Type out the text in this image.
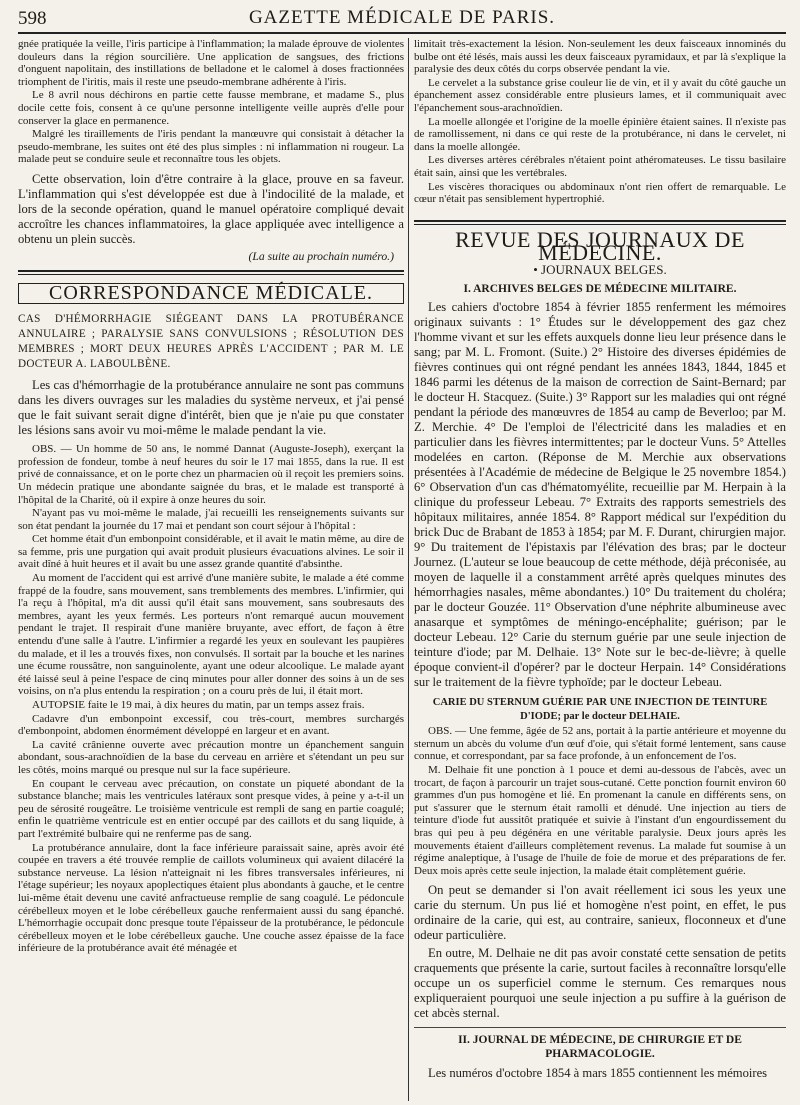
598	GAZETTE MÉDICALE DE PARIS.

gnée pratiquée la veille, l'iris participe à l'inflammation; la malade éprouve de violentes douleurs dans la région sourcilière. Une application de sangsues, des frictions d'onguent napolitain, des instillations de belladone et le calomel à doses fractionnées triomphent de l'iritis, mais il reste une pseudo-membrane adhérente à l'iris.

Le 8 avril nous déchirons en partie cette fausse membrane, et madame S., plus docile cette fois, consent à ce qu'une personne intelligente veille auprès d'elle pour conserver la glace en permanence.

Malgré les tiraillements de l'iris pendant la manœuvre qui consistait à détacher la pseudo-membrane, les suites ont été des plus simples : ni inflammation ni rougeur. La malade peut se conduire seule et reconnaître tous les objets.

Cette observation, loin d'être contraire à la glace, prouve en sa faveur. L'inflammation qui s'est développée est due à l'indocilité de la malade, et lors de la seconde opération, quand le manuel opératoire compliqué devait accroître les chances inflammatoires, la glace appliquée avec intelligence a obtenu un plein succès.

(La suite au prochain numéro.)
CORRESPONDANCE MÉDICALE.

CAS D'HÉMORRHAGIE SIÉGEANT DANS LA PROTUBÉRANCE ANNULAIRE ; PARALYSIE SANS CONVULSIONS ; RÉSOLUTION DES MEMBRES ; MORT DEUX HEURES APRÈS L'ACCIDENT ; PAR M. LE DOCTEUR A. LABOULBÈNE.

Les cas d'hémorrhagie de la protubérance annulaire ne sont pas communs dans les divers ouvrages sur les maladies du système nerveux, et j'ai pensé que le fait suivant serait digne d'intérêt, bien que je n'aie pu que constater les lésions sans avoir vu moi-même le malade pendant la vie.

OBS. — Un homme de 50 ans, le nommé Dannat (Auguste-Joseph), exerçant la profession de fondeur, tombe à neuf heures du soir le 17 mai 1855, dans la rue. Il est privé de connaissance, et on le porte chez un pharmacien où il reçoit les premiers soins. Un médecin pratique une abondante saignée du bras, et le malade est transporté à l'hôpital de la Charité, où il expire à onze heures du soir.

N'ayant pas vu moi-même le malade, j'ai recueilli les renseignements suivants sur son état pendant la journée du 17 mai et pendant son court séjour à l'hôpital :

Cet homme était d'un embonpoint considérable, et il avait le matin même, au dire de sa femme, pris une purgation qui avait produit plusieurs évacuations alvines. Le soir il avait dîné à huit heures et il avait bu une assez grande quantité d'absinthe.

Au moment de l'accident qui est arrivé d'une manière subite, le malade a été comme frappé de la foudre, sans mouvement, sans tremblements des membres. L'infirmier, qui l'a reçu à l'hôpital, m'a dit aussi qu'il était sans mouvement, sans soubresauts des membres, ayant les yeux fermés. Les porteurs n'ont remarqué aucun mouvement pendant le trajet. Il respirait d'une manière bruyante, avec effort, de façon à être entendu d'une salle à l'autre. L'infirmier a regardé les yeux en soulevant les paupières du malade, et il les a trouvés fixes, non convulsés. Il sortait par la bouche et les narines une écume roussâtre, non sanguinolente, ayant une odeur alcoolique. Le malade ayant été laissé seul à peine l'espace de cinq minutes pour aller donner des soins à un de ses voisins, on n'a plus entendu la respiration ; on a couru près de lui, il était mort.

AUTOPSIE faite le 19 mai, à dix heures du matin, par un temps assez frais.

Cadavre d'un embonpoint excessif, cou très-court, membres surchargés d'embonpoint, abdomen énormément développé en largeur et en avant.

La cavité crânienne ouverte avec précaution montre un épanchement sanguin abondant, sous-arachnoïdien de la base du cerveau en arrière et s'étendant un peu sur les côtés, moins marqué ou presque nul sur la face supérieure.

En coupant le cerveau avec précaution, on constate un piqueté abondant de la substance blanche; mais les ventricules latéraux sont presque vides, à peine y a-t-il un peu de sérosité rougeâtre. Le troisième ventricule est rempli de sang en partie coagulé; enfin le quatrième ventricule est en entier occupé par des caillots et du sang liquide, à part l'extrémité bulbaire qui ne renferme pas de sang.

La protubérance annulaire, dont la face inférieure paraissait saine, après avoir été coupée en travers a été trouvée remplie de caillots volumineux qui avaient dilacéré la substance nerveuse. La lésion n'atteignait ni les fibres transversales inférieures, ni l'étage supérieur; les noyaux apoplectiques étaient plus abondants à gauche, et le centre lui-même était devenu une cavité anfractueuse remplie de sang coagulé. Le pédoncule cérébelleux moyen et le lobe cérébelleux gauche renfermaient aussi du sang épanché. L'hémorrhagie occupait donc presque toute l'épaisseur de la protubérance, le pédoncule cérébelleux moyen et le lobe cérébelleux gauche. Une couche assez épaisse de la face inférieure de la protubérance avait été ménagée et

limitait très-exactement la lésion. Non-seulement les deux faisceaux innominés du bulbe ont été lésés, mais aussi les deux faisceaux pyramidaux, et par là s'explique la paralysie des deux côtés du corps observée pendant la vie.

Le cervelet a la substance grise couleur lie de vin, et il y avait du côté gauche un épanchement assez considérable entre plusieurs lames, et il communiquait avec l'épanchement sous-arachnoïdien.

La moelle allongée et l'origine de la moelle épinière étaient saines. Il n'existe pas de ramollissement, ni dans ce qui reste de la protubérance, ni dans le cervelet, ni dans la moelle allongée.

Les diverses artères cérébrales n'étaient point athéromateuses. Le tissu basilaire était sain, ainsi que les vertébrales.

Les viscères thoraciques ou abdominaux n'ont rien offert de remarquable. Le cœur n'était pas sensiblement hypertrophié.

REVUE DES JOURNAUX DE MÉDECINE.
• JOURNAUX BELGES.
I. ARCHIVES BELGES DE MÉDECINE MILITAIRE.

Les cahiers d'octobre 1854 à février 1855 renferment les mémoires originaux suivants : 1° Études sur le développement des gaz chez l'homme vivant et sur les effets auxquels donne lieu leur présence dans le sang; par M. L. Fromont. (Suite.) 2° Histoire des diverses épidémies de fièvres continues qui ont régné pendant les années 1843, 1844, 1845 et 1846 parmi les détenus de la maison de correction de Saint-Bernard; par le docteur H. Stacquez. (Suite.) 3° Rapport sur les maladies qui ont régné pendant la période des manœuvres de 1854 au camp de Beverloo; par M. Z. Merchie. 4° De l'emploi de l'électricité dans les maladies et en particulier dans les fièvres intermittentes; par le docteur Vuns. 5° Attelles modelées en carton. (Réponse de M. Merchie aux observations présentées à l'Académie de médecine de Belgique le 25 novembre 1854.) 6° Observation d'un cas d'hématomyélite, recueillie par M. Herpain à la clinique du professeur Lebeau. 7° Extraits des rapports semestriels des hôpitaux militaires, année 1854. 8° Rapport médical sur l'expédition du brick Duc de Brabant de 1853 à 1854; par M. F. Durant, chirurgien major. 9° Du traitement de l'épistaxis par l'élévation des bras; par le docteur Journez. (L'auteur se loue beaucoup de cette méthode, déjà préconisée, au moyen de laquelle il a constamment arrêté après quelques minutes des hémorrhagies nasales, même abondantes.) 10° Du traitement du choléra; par le docteur Gouzée. 11° Observation d'une néphrite albumineuse avec anasarque et symptômes de méningo-encéphalite; guérison; par le docteur Lebeau. 12° Carie du sternum guérie par une seule injection de teinture d'iode; par M. Delhaie. 13° Note sur le bec-de-lièvre; à quelle époque convient-il d'opérer? par le docteur Herpain. 14° Considérations sur le traitement de la fièvre typhoïde; par le docteur Lebeau.

CARIE DU STERNUM GUÉRIE PAR UNE INJECTION DE TEINTURE D'IODE; par le docteur DELHAIE.

OBS. — Une femme, âgée de 52 ans, portait à la partie antérieure et moyenne du sternum un abcès du volume d'un œuf d'oie, qui s'était formé lentement, sans cause connue, et correspondant, par sa face profonde, à un enfoncement de l'os.

M. Delhaie fit une ponction à 1 pouce et demi au-dessous de l'abcès, avec un trocart, de façon à parcourir un trajet sous-cutané. Cette ponction fournit environ 60 grammes d'un pus homogène et lié. En promenant la canule en différents sens, on put s'assurer que le sternum était ramolli et dénudé. Une injection au tiers de teinture d'iode fut aussitôt pratiquée et suivie à l'instant d'un engourdissement du bras qui peu à peu dégénéra en une véritable paralysie. Deux jours après les mouvements étaient d'ailleurs complètement revenus. La malade fut soumise à un régime analeptique, à l'usage de l'huile de foie de morue et des préparations de fer. Deux mois après cette seule injection, la malade était complètement guérie.

On peut se demander si l'on avait réellement ici sous les yeux une carie du sternum. Un pus lié et homogène n'est point, en effet, le pus ordinaire de la carie, qui est, au contraire, sanieux, floconneux et d'une odeur particulière.

En outre, M. Delhaie ne dit pas avoir constaté cette sensation de petits craquements que présente la carie, surtout faciles à reconnaître lorsqu'elle occupe un os superficiel comme le sternum. Ces remarques nous expliqueraient pourquoi une seule injection a pu suffire à la guérison de cet abcès sternal.

II. JOURNAL DE MÉDECINE, DE CHIRURGIE ET DE PHARMACOLOGIE.

Les numéros d'octobre 1854 à mars 1855 contiennent les mémoires
